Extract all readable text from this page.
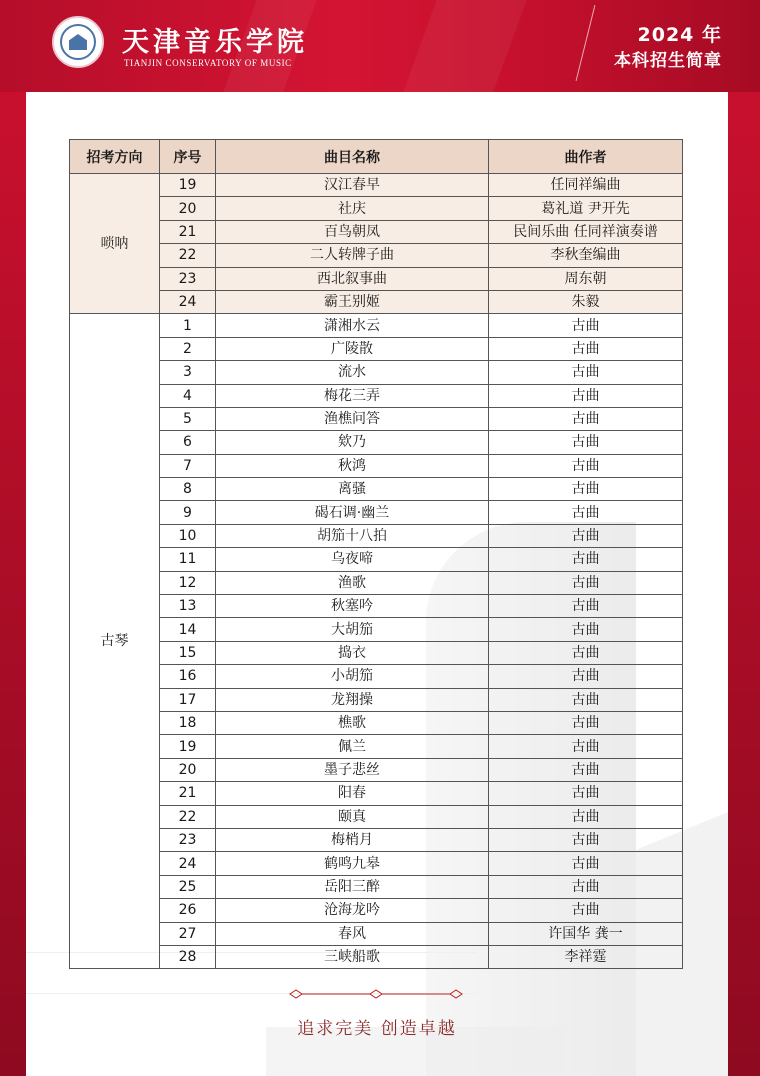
天津音乐学院
TIANJIN CONSERVATORY OF MUSIC
2024 年
本科招生简章
招考方向	序号	曲目名称	曲作者
唢呐	19	汉江春早	任同祥编曲
	20	社庆	葛礼道 尹开先
	21	百鸟朝凤	民间乐曲 任同祥演奏谱
	22	二人转牌子曲	李秋奎编曲
	23	西北叙事曲	周东朝
	24	霸王别姬	朱毅
古琴	1	潇湘水云	古曲
	2	广陵散	古曲
	3	流水	古曲
	4	梅花三弄	古曲
	5	渔樵问答	古曲
	6	欸乃	古曲
	7	秋鸿	古曲
	8	离骚	古曲
	9	碣石调·幽兰	古曲
	10	胡笳十八拍	古曲
	11	乌夜啼	古曲
	12	渔歌	古曲
	13	秋塞吟	古曲
	14	大胡笳	古曲
	15	捣衣	古曲
	16	小胡笳	古曲
	17	龙翔操	古曲
	18	樵歌	古曲
	19	佩兰	古曲
	20	墨子悲丝	古曲
	21	阳春	古曲
	22	颐真	古曲
	23	梅梢月	古曲
	24	鹤鸣九皋	古曲
	25	岳阳三醉	古曲
	26	沧海龙吟	古曲
	27	春风	许国华 龚一
	28	三峡船歌	李祥霆
追求完美 创造卓越
